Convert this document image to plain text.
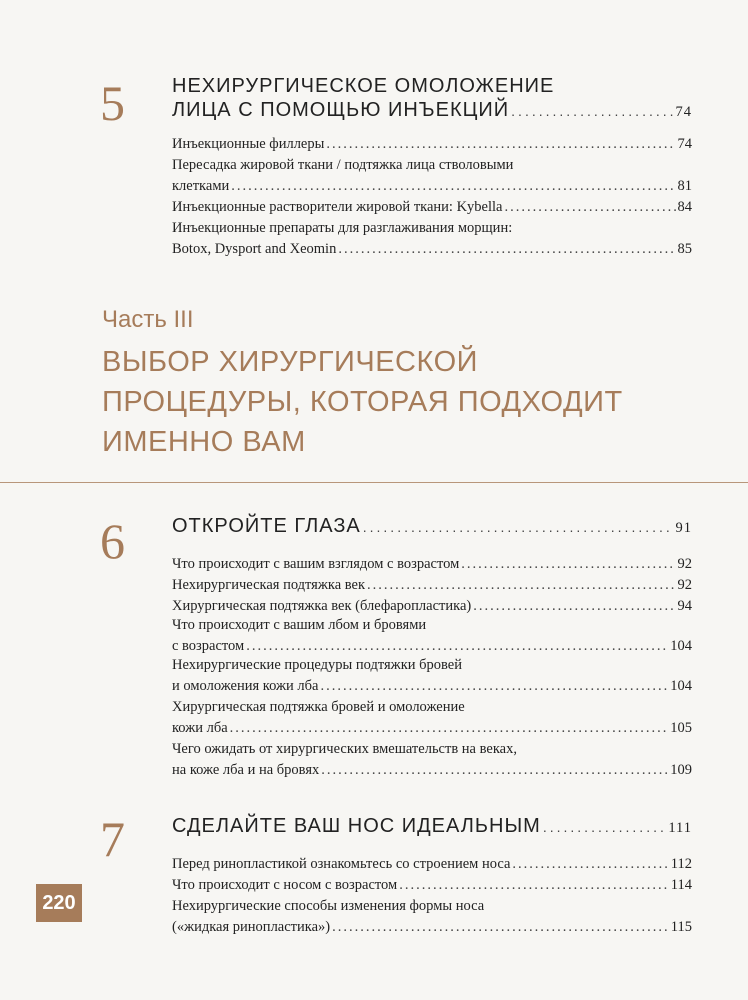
5 НЕХИРУРГИЧЕСКОЕ ОМОЛОЖЕНИЕ
ЛИЦА С ПОМОЩЬЮ ИНЪЕКЦИЙ .....	74
Инъекционные филлеры .....	74
Пересадка жировой ткани / подтяжка лица стволовыми
клетками .....	81
Инъекционные растворители жировой ткани: Kybella .....	84
Инъекционные препараты для разглаживания морщин:
Botox, Dysport and Xeomin .....	85
Часть III
ВЫБОР ХИРУРГИЧЕСКОЙ
ПРОЦЕДУРЫ, КОТОРАЯ ПОДХОДИТ
ИМЕННО ВАМ
6 ОТКРОЙТЕ ГЛАЗА .....	91
Что происходит с вашим взглядом с возрастом .....	92
Нехирургическая подтяжка век .....	92
Хирургическая подтяжка век (блефаропластика) .....	94
Что происходит с вашим лбом и бровями
с возрастом .....	104
Нехирургические процедуры подтяжки бровей
и омоложения кожи лба .....	104
Хирургическая подтяжка бровей и омоложение
кожи лба .....	105
Чего ожидать от хирургических вмешательств на веках,
на коже лба и на бровях .....	109
7 СДЕЛАЙТЕ ВАШ НОС ИДЕАЛЬНЫМ .....	111
Перед ринопластикой ознакомьтесь со строением носа .....	112
Что происходит с носом с возрастом .....	114
Нехирургические способы изменения формы носа
(«жидкая ринопластика») .....	115
220
